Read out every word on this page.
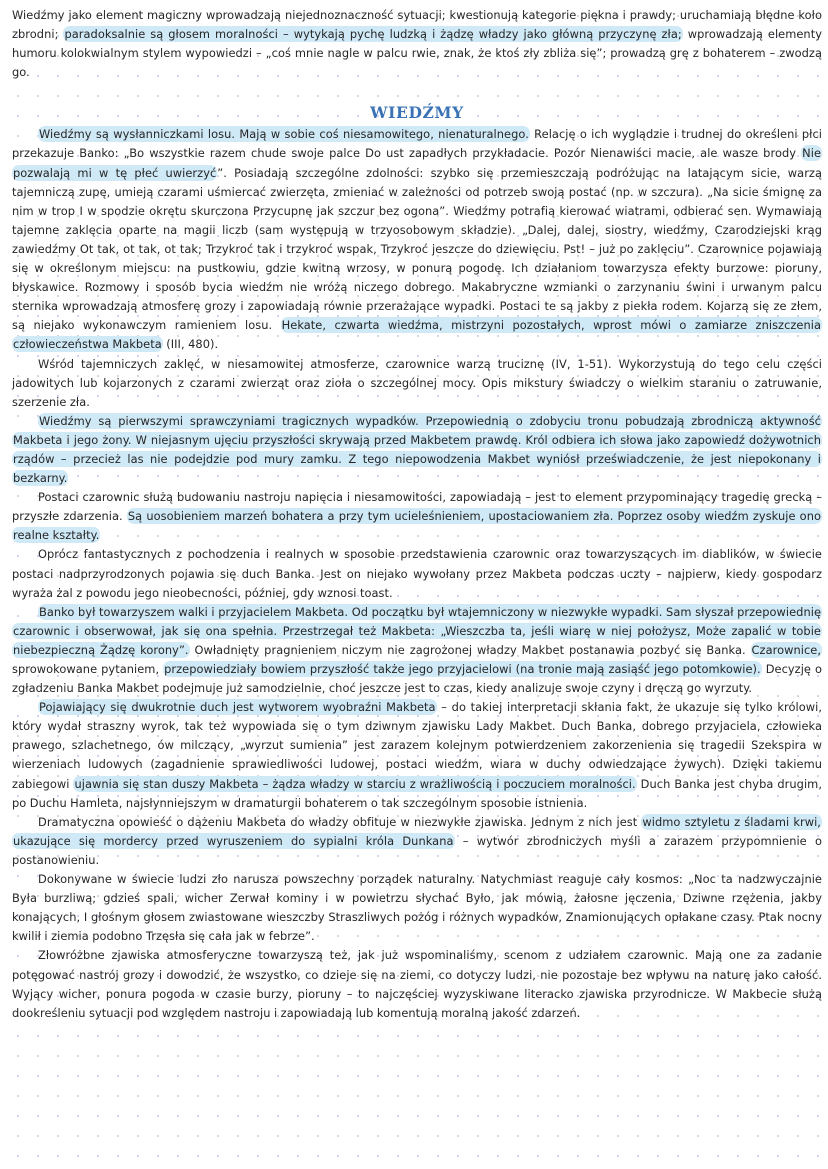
Wiedźmy jako element magiczny wprowadzają niejednoznaczność sytuacji; kwestionują kategorie piękna i prawdy; uruchamiają błędne koło zbrodni; paradoksalnie są głosem moralności – wytykają pychę ludzką i żądzę władzy jako główną przyczynę zła; wprowadzają elementy humoru kolokwialnym stylem wypowiedzi – „coś mnie nagle w palcu rwie, znak, że ktoś zły zbliża się”; prowadzą grę z bohaterem – zwodzą go.

WIEDŹMY

Wiedźmy są wysłanniczkami losu. Mają w sobie coś niesamowitego, nienaturalnego. Relację o ich wyglądzie i trudnej do określeni płci przekazuje Banko: „Bo wszystkie razem chude swoje palce Do ust zapadłych przykładacie. Pozór Nienawiści macie, ale wasze brody Nie pozwalają mi w tę płeć uwierzyć”. Posiadają szczególne zdolności: szybko się przemieszczają podróżując na latającym sicie, warzą tajemniczą zupę, umieją czarami uśmiercać zwierzęta, zmieniać w zależności od potrzeb swoją postać (np. w szczura). „Na sicie śmignę za nim w trop I w spodzie okrętu skurczona Przycupnę jak szczur bez ogona”. Wiedźmy potrafią kierować wiatrami, odbierać sen. Wymawiają tajemne zaklęcia oparte na magii liczb (sam występują w trzyosobowym składzie). „Dalej, dalej, siostry, wiedźmy, Czarodziejski krąg zawiedźmy Ot tak, ot tak, ot tak; Trzykroć tak i trzykroć wspak, Trzykroć jeszcze do dziewięciu. Pst! – już po zaklęciu”. Czarownice pojawiają się w określonym miejscu: na pustkowiu, gdzie kwitną wrzosy, w ponurą pogodę. Ich działaniom towarzysza efekty burzowe: pioruny, błyskawice. Rozmowy i sposób bycia wiedźm nie wróżą niczego dobrego. Makabryczne wzmianki o zarzynaniu świni i urwanym palcu sternika wprowadzają atmosferę grozy i zapowiadają równie przerażające wypadki. Postaci te są jakby z piekła rodem. Kojarzą się ze złem, są niejako wykonawczym ramieniem losu. Hekate, czwarta wiedźma, mistrzyni pozostałych, wprost mówi o zamiarze zniszczenia człowieczeństwa Makbeta (III, 480).

Wśród tajemniczych zaklęć, w niesamowitej atmosferze, czarownice warzą truciznę (IV, 1-51). Wykorzystują do tego celu części jadowitych lub kojarzonych z czarami zwierząt oraz zioła o szczególnej mocy. Opis mikstury świadczy o wielkim staraniu o zatruwanie, szerzenie zła.

Wiedźmy są pierwszymi sprawczyniami tragicznych wypadków. Przepowiednią o zdobyciu tronu pobudzają zbrodniczą aktywność Makbeta i jego żony. W niejasnym ujęciu przyszłości skrywają przed Makbetem prawdę. Król odbiera ich słowa jako zapowiedź dożywotnich rządów – przecież las nie podejdzie pod mury zamku. Z tego niepowodzenia Makbet wyniósł przeświadczenie, że jest niepokonany i bezkarny.

Postaci czarownic służą budowaniu nastroju napięcia i niesamowitości, zapowiadają – jest to element przypominający tragedię grecką – przyszłe zdarzenia. Są uosobieniem marzeń bohatera a przy tym ucieleśnieniem, upostaciowaniem zła. Poprzez osoby wiedźm zyskuje ono realne kształty.

Oprócz fantastycznych z pochodzenia i realnych w sposobie przedstawienia czarownic oraz towarzyszących im diablików, w świecie postaci nadprzyrodzonych pojawia się duch Banka. Jest on niejako wywołany przez Makbeta podczas uczty – najpierw, kiedy gospodarz wyraża żal z powodu jego nieobecności, później, gdy wznosi toast.

Banko był towarzyszem walki i przyjacielem Makbeta. Od początku był wtajemniczony w niezwykłe wypadki. Sam słyszał przepowiednię czarownic i obserwował, jak się ona spełnia. Przestrzegał też Makbeta: „Wieszczba ta, jeśli wiarę w niej położysz, Może zapalić w tobie niebezpieczną Żądzę korony”. Owładnięty pragnieniem niczym nie zagrożonej władzy Makbet postanawia pozbyć się Banka. Czarownice, sprowokowane pytaniem, przepowiedziały bowiem przyszłość także jego przyjacielowi (na tronie mają zasiąść jego potomkowie). Decyzję o zgładzeniu Banka Makbet podejmuje już samodzielnie, choć jeszcze jest to czas, kiedy analizuje swoje czyny i dręczą go wyrzuty.

Pojawiający się dwukrotnie duch jest wytworem wyobraźni Makbeta – do takiej interpretacji skłania fakt, że ukazuje się tylko królowi, który wydał straszny wyrok, tak też wypowiada się o tym dziwnym zjawisku Lady Makbet. Duch Banka, dobrego przyjaciela, człowieka prawego, szlachetnego, ów milczący, „wyrzut sumienia” jest zarazem kolejnym potwierdzeniem zakorzenienia się tragedii Szekspira w wierzeniach ludowych (zagadnienie sprawiedliwości ludowej, postaci wiedźm, wiara w duchy odwiedzające żywych). Dzięki takiemu zabiegowi ujawnia się stan duszy Makbeta – żądza władzy w starciu z wrażliwością i poczuciem moralności. Duch Banka jest chyba drugim, po Duchu Hamleta, najsłynniejszym w dramaturgii bohaterem o tak szczególnym sposobie istnienia.

Dramatyczna opowieść o dążeniu Makbeta do władzy obfituje w niezwykłe zjawiska. Jednym z nich jest widmo sztyletu z śladami krwi, ukazujące się mordercy przed wyruszeniem do sypialni króla Dunkana – wytwór zbrodniczych myśli a zarazem przypomnienie o postanowieniu.

Dokonywane w świecie ludzi zło narusza powszechny porządek naturalny. Natychmiast reaguje cały kosmos: „Noc ta nadzwyczajnie Była burzliwą; gdzieś spali, wicher Zerwał kominy i w powietrzu słychać Było, jak mówią, żałosne jęczenia, Dziwne rzężenia, jakby konających, I głośnym głosem zwiastowane wieszczby Straszliwych pożóg i różnych wypadków, Znamionujących opłakane czasy. Ptak nocny kwilił i ziemia podobno Trzęsła się cała jak w febrze”.

Złowróżbne zjawiska atmosferyczne towarzyszą też, jak już wspominaliśmy, scenom z udziałem czarownic. Mają one za zadanie potęgować nastrój grozy i dowodzić, że wszystko, co dzieje się na ziemi, co dotyczy ludzi, nie pozostaje bez wpływu na naturę jako całość. Wyjący wicher, ponura pogoda w czasie burzy, pioruny – to najczęściej wyzyskiwane literacko zjawiska przyrodnicze. W Makbecie służą dookreśleniu sytuacji pod względem nastroju i zapowiadają lub komentują moralną jakość zdarzeń.
